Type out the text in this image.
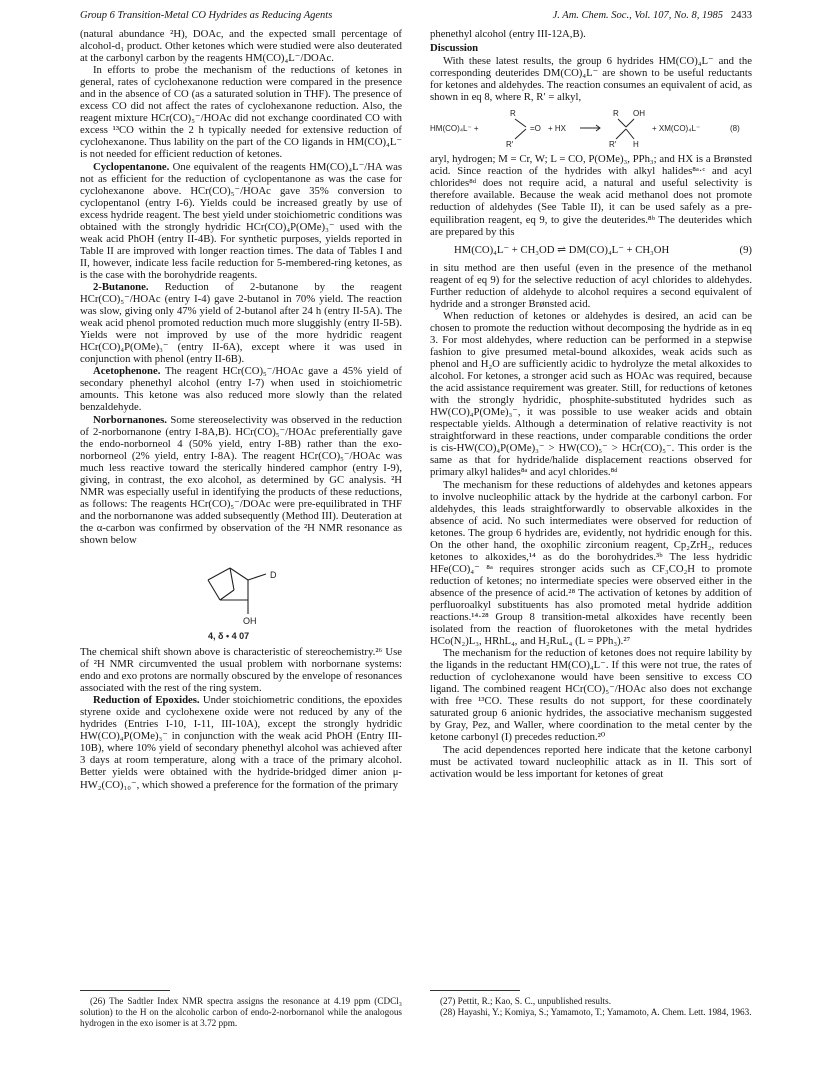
Group 6 Transition-Metal CO Hydrides as Reducing Agents	J. Am. Chem. Soc., Vol. 107, No. 8, 1985 2433

(natural abundance ²H), DOAc, and the expected small percentage of alcohol-d₁ product. Other ketones which were studied were also deuterated at the carbonyl carbon by the reagents HM(CO)₄L⁻/DOAc.

In efforts to probe the mechanism of the reductions of ketones in general, rates of cyclohexanone reduction were compared in the presence and in the absence of CO (as a saturated solution in THF). The presence of excess CO did not affect the rates of cyclohexanone reduction. Also, the reagent mixture HCr(CO)₅⁻/HOAc did not exchange coordinated CO with excess ¹³CO within the 2 h typically needed for extensive reduction of cyclohexanone. Thus lability on the part of the CO ligands in HM(CO)₄L⁻ is not needed for efficient reduction of ketones.

Cyclopentanone. One equivalent of the reagents HM(CO)₄L⁻/HA was not as efficient for the reduction of cyclopentanone as was the case for cyclohexanone above. HCr(CO)₅⁻/HOAc gave 35% conversion to cyclopentanol (entry I-6). Yields could be increased greatly by use of excess hydride reagent. The best yield under stoichiometric conditions was obtained with the strongly hydridic HCr(CO)₄P(OMe)₃⁻ used with the weak acid PhOH (entry II-4B). For synthetic purposes, yields reported in Table II are improved with longer reaction times. The data of Tables I and II, however, indicate less facile reduction for 5-membered-ring ketones, as is the case with the borohydride reagents.

2-Butanone. Reduction of 2-butanone by the reagent HCr(CO)₅⁻/HOAc (entry I-4) gave 2-butanol in 70% yield. The reaction was slow, giving only 47% yield of 2-butanol after 24 h (entry II-5A). The weak acid phenol promoted reduction much more sluggishly (entry II-5B). Yields were not improved by use of the more hydridic reagent HCr(CO)₄P(OMe)₃⁻ (entry II-6A), except where it was used in conjunction with phenol (entry II-6B).

Acetophenone. The reagent HCr(CO)₅⁻/HOAc gave a 45% yield of secondary phenethyl alcohol (entry I-7) when used in stoichiometric amounts. This ketone was also reduced more slowly than the related benzaldehyde.

Norbornanones. Some stereoselectivity was observed in the reduction of 2-norbornanone (entry I-8A,B). HCr(CO)₅⁻/HOAc preferentially gave the endo-norborneol 4 (50% yield, entry I-8B) rather than the exo-norborneol (2% yield, entry I-8A). The reagent HCr(CO)₅⁻/HOAc was much less reactive toward the sterically hindered camphor (entry I-9), giving, in contrast, the exo alcohol, as determined by GC analysis. ²H NMR was especially useful in identifying the products of these reductions, as follows: The reagents HCr(CO)₅⁻/DOAc were pre-equilibrated in THF and the norbornanone was added subsequently (Method III). Deuteration at the α-carbon was confirmed by observation of the ²H NMR resonance as shown below

D
OH
4, δ • 4 07

The chemical shift shown above is characteristic of stereochemistry.²⁶ Use of ²H NMR circumvented the usual problem with norbornane systems: endo and exo protons are normally obscured by the envelope of resonances associated with the rest of the ring system.

Reduction of Epoxides. Under stoichiometric conditions, the epoxides styrene oxide and cyclohexene oxide were not reduced by any of the hydrides (Entries I-10, I-11, III-10A), except the strongly hydridic HW(CO)₄P(OMe)₃⁻ in conjunction with the weak acid PhOH (Entry III-10B), where 10% yield of secondary phenethyl alcohol was achieved after 3 days at room temperature, along with a trace of the primary alcohol. Better yields were obtained with the hydride-bridged dimer anion μ-HW₂(CO)₁₀⁻, which showed a preference for the formation of the primary

phenethyl alcohol (entry III-12A,B).

Discussion

With these latest results, the group 6 hydrides HM(CO)₄L⁻ and the corresponding deuterides DM(CO)₄L⁻ are shown to be useful reductants for ketones and aldehydes. The reaction consumes an equivalent of acid, as shown in eq 8, where R, R′ = alkyl,

HM(CO)₄L⁻ +
R
R′
=O + HX
R OH
R′ H
+ XM(CO)₄L⁻	(8)

aryl, hydrogen; M = Cr, W; L = CO, P(OMe)₃, PPh₃; and HX is a Brønsted acid. Since reaction of the hydrides with alkyl halides⁸ᵃ·ᶜ and acyl chlorides⁸ᵈ does not require acid, a natural and useful selectivity is therefore available. Because the weak acid methanol does not promote reduction of aldehydes (See Table II), it can be used safely as a pre-equilibration reagent, eq 9, to give the deuterides.⁸ᵇ The deuterides which are prepared by this

HM(CO)₄L⁻ + CH₃OD ⇌ DM(CO)₄L⁻ + CH₃OH	(9)

in situ method are then useful (even in the presence of the methanol reagent of eq 9) for the selective reduction of acyl chlorides to aldehydes. Further reduction of aldehyde to alcohol requires a second equivalent of hydride and a stronger Brønsted acid.

When reduction of ketones or aldehydes is desired, an acid can be chosen to promote the reduction without decomposing the hydride as in eq 3. For most aldehydes, where reduction can be performed in a stepwise fashion to give presumed metal-bound alkoxides, weak acids such as phenol and H₂O are sufficiently acidic to hydrolyze the metal alkoxides to alcohol. For ketones, a stronger acid such as HOAc was required, because the acid assistance requirement was greater. Still, for reductions of ketones with the strongly hydridic, phosphite-substituted hydrides such as HW(CO)₄P(OMe)₃⁻, it was possible to use weaker acids and obtain respectable yields. Although a determination of relative reactivity is not straightforward in these reactions, under comparable conditions the order is cis-HW(CO)₄P(OMe)₃⁻ > HW(CO)₅⁻ > HCr(CO)₅⁻. This order is the same as that for hydride/halide displacement reactions observed for primary alkyl halides⁸ᵃ and acyl chlorides.⁸ᵈ

The mechanism for these reductions of aldehydes and ketones appears to involve nucleophilic attack by the hydride at the carbonyl carbon. For aldehydes, this leads straightforwardly to observable alkoxides in the absence of acid. No such intermediates were observed for reduction of ketones. The group 6 hydrides are, evidently, not hydridic enough for this. On the other hand, the oxophilic zirconium reagent, Cp₂ZrH₂, reduces ketones to alkoxides,¹⁴ as do the borohydrides.³ᵇ The less hydridic HFe(CO)₄⁻ ⁸ᵃ requires stronger acids such as CF₃CO₂H to promote reduction of ketones; no intermediate species were observed either in the absence of the presence of acid.²⁸ The activation of ketones by addition of perfluoroalkyl substituents has also promoted metal hydride addition reactions.¹⁴·²⁸ Group 8 transition-metal alkoxides have recently been isolated from the reaction of fluoroketones with the metal hydrides HCo(N₂)L₃, HRhL₄, and H₂RuL₄ (L = PPh₃).²⁷

The mechanism for the reduction of ketones does not require lability by the ligands in the reductant HM(CO)₄L⁻. If this were not true, the rates of reduction of cyclohexanone would have been sensitive to excess CO ligand. The combined reagent HCr(CO)₅⁻/HOAc also does not exchange with free ¹³CO. These results do not support, for these coordinately saturated group 6 anionic hydrides, the associative mechanism suggested by Gray, Pez, and Waller, where coordination to the metal center by the ketone carbonyl (I) precedes reduction.²⁰

The acid dependences reported here indicate that the ketone carbonyl must be activated toward nucleophilic attack as in II. This sort of activation would be less important for ketones of great

(26) The Sadtler Index NMR spectra assigns the resonance at 4.19 ppm (CDCl₃ solution) to the H on the alcoholic carbon of endo-2-norbornanol while the analogous hydrogen in the exo isomer is at 3.72 ppm.

(27) Pettit, R.; Kao, S. C., unpublished results.

(28) Hayashi, Y.; Komiya, S.; Yamamoto, T.; Yamamoto, A. Chem. Lett. 1984, 1963.
